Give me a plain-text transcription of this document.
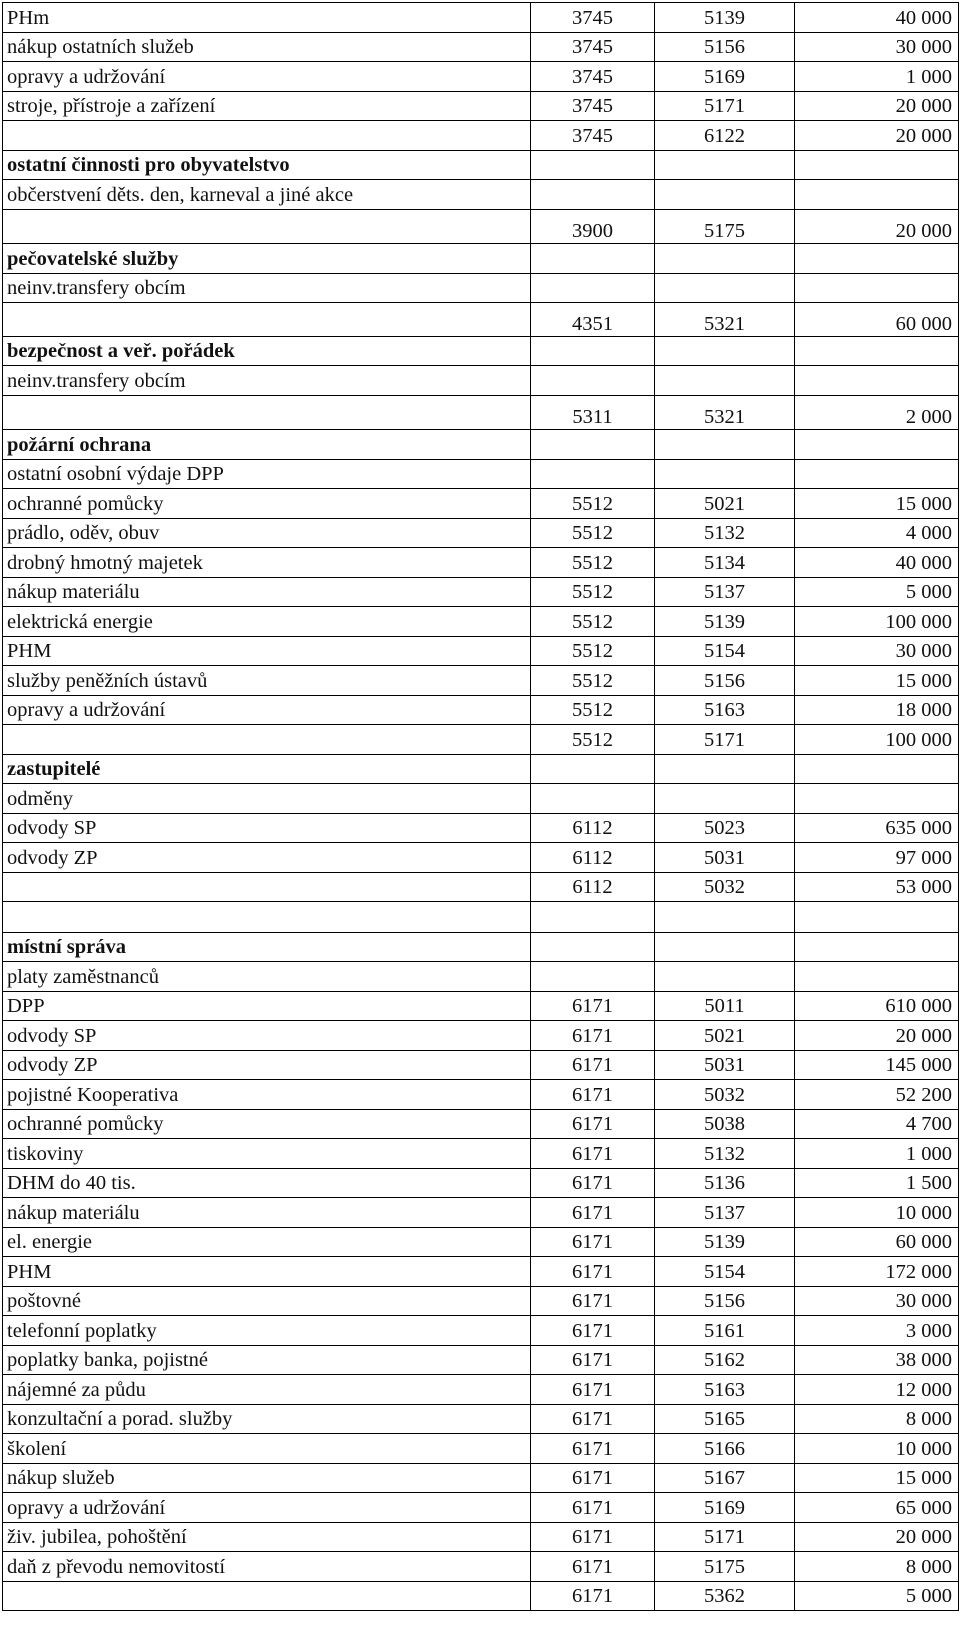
PHm	3745	5139	40 000
nákup ostatních služeb	3745	5156	30 000
opravy a udržování	3745	5169	1 000
stroje, přístroje a zařízení	3745	5171	20 000
	3745	6122	20 000
ostatní činnosti pro obyvatelstvo			
občerstvení děts. den, karneval a jiné akce			
	3900	5175	20 000
pečovatelské služby			
neinv.transfery obcím			
	4351	5321	60 000
bezpečnost a veř. pořádek			
neinv.transfery obcím			
	5311	5321	2 000
požární ochrana			
ostatní osobní výdaje DPP			
ochranné pomůcky	5512	5021	15 000
prádlo, oděv, obuv	5512	5132	4 000
drobný hmotný majetek	5512	5134	40 000
nákup materiálu	5512	5137	5 000
elektrická energie	5512	5139	100 000
PHM	5512	5154	30 000
služby peněžních ústavů	5512	5156	15 000
opravy a udržování	5512	5163	18 000
	5512	5171	100 000
zastupitelé			
odměny			
odvody SP	6112	5023	635 000
odvody ZP	6112	5031	97 000
	6112	5032	53 000

místní správa			
platy zaměstnanců			
DPP	6171	5011	610 000
odvody SP	6171	5021	20 000
odvody ZP	6171	5031	145 000
pojistné Kooperativa	6171	5032	52 200
ochranné pomůcky	6171	5038	4 700
tiskoviny	6171	5132	1 000
DHM do 40 tis.	6171	5136	1 500
nákup materiálu	6171	5137	10 000
el. energie	6171	5139	60 000
PHM	6171	5154	172 000
poštovné	6171	5156	30 000
telefonní poplatky	6171	5161	3 000
poplatky banka, pojistné	6171	5162	38 000
nájemné za půdu	6171	5163	12 000
konzultační a porad. služby	6171	5165	8 000
školení	6171	5166	10 000
nákup služeb	6171	5167	15 000
opravy a udržování	6171	5169	65 000
živ. jubilea, pohoštění	6171	5171	20 000
daň z převodu nemovitostí	6171	5175	8 000
	6171	5362	5 000
